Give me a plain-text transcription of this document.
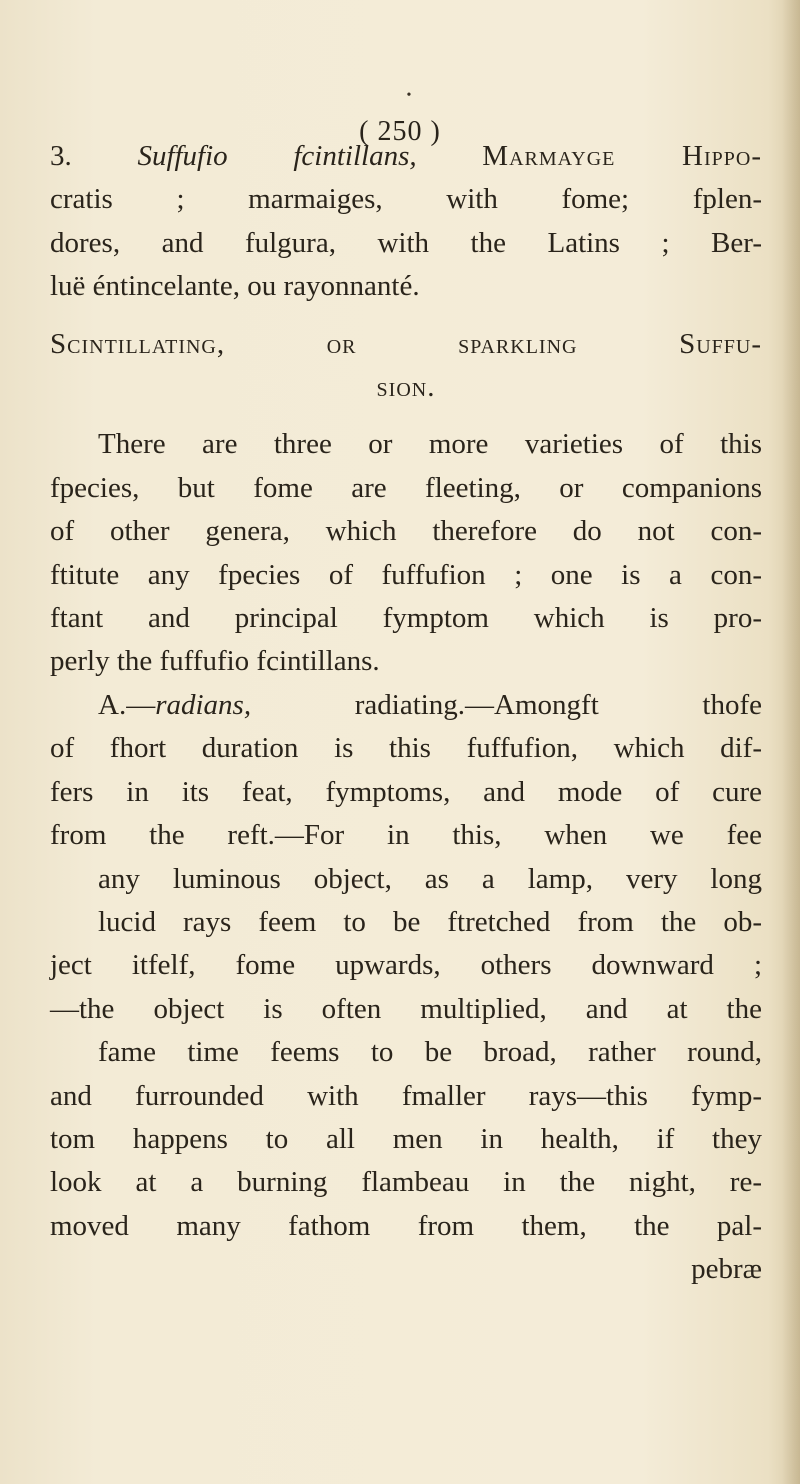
•
( 250 )
3. Suffufio fcintillans, Marmayge Hippo-
cratis ; marmaiges, with fome; fplen-
dores, and fulgura, with the Latins ; Ber-
luë éntincelante, ou rayonnanté.
Scintillating, or sparkling Suffu-
sion.
There are three or more varieties of this
fpecies, but fome are fleeting, or companions
of other genera, which therefore do not con-
ftitute any fpecies of fuffufion ; one is a con-
ftant and principal fymptom which is pro-
perly the fuffufio fcintillans.
A.—radians, radiating.—Amongft thofe
of fhort duration is this fuffufion, which dif-
fers in its feat, fymptoms, and mode of cure
from the reft.—For in this, when we fee
any luminous object, as a lamp, very long
lucid rays feem to be ftretched from the ob-
ject itfelf, fome upwards, others downward ;
—the object is often multiplied, and at the
fame time feems to be broad, rather round,
and furrounded with fmaller rays—this fymp-
tom happens to all men in health, if they
look at a burning flambeau in the night, re-
moved many fathom from them, the pal-
pebræ
